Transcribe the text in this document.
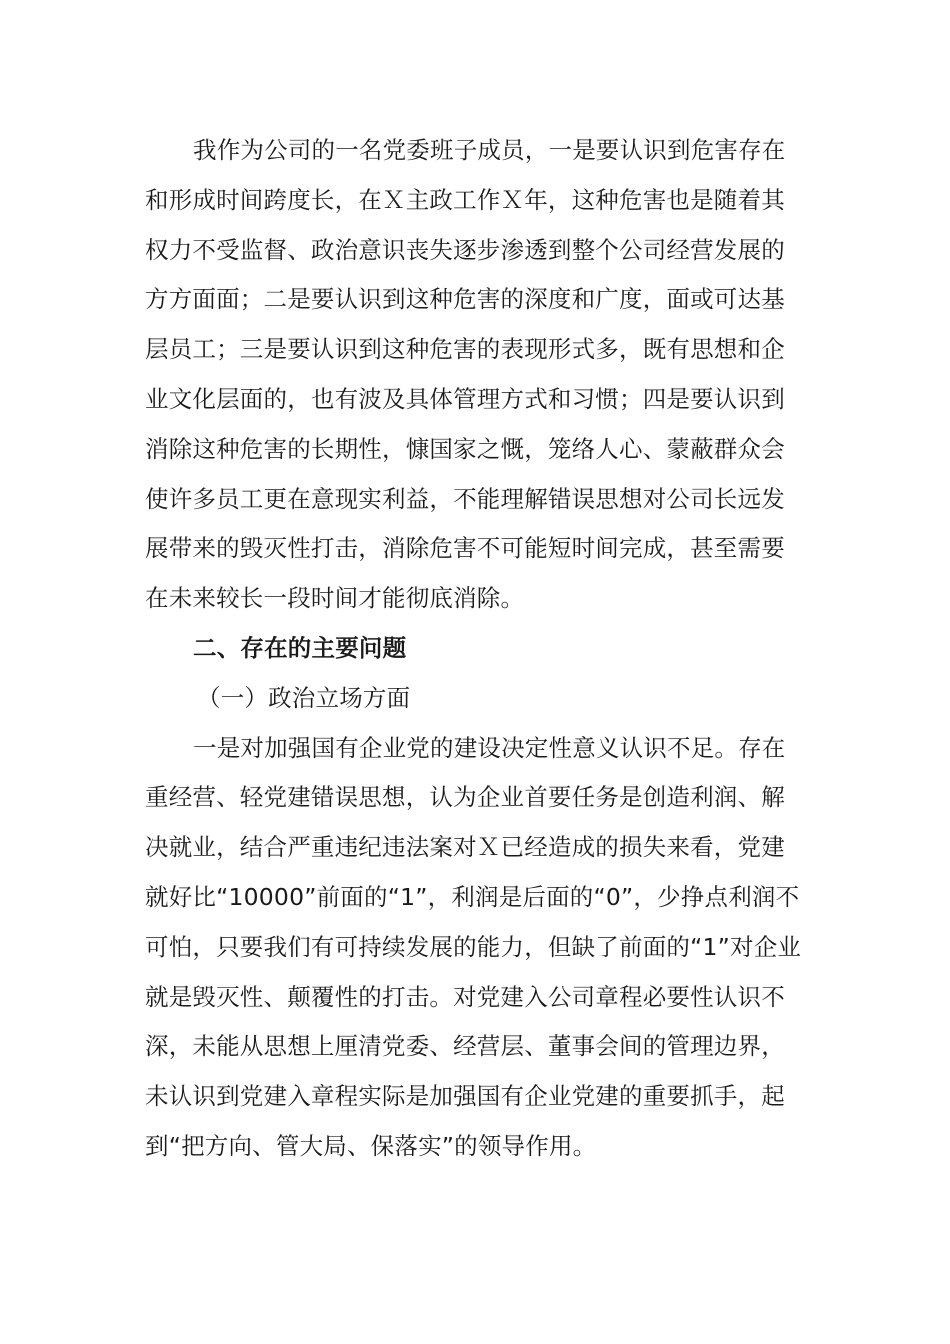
我作为公司的一名党委班子成员，一是要认识到危害存在
和形成时间跨度长，在Ｘ主政工作Ｘ年，这种危害也是随着其
权力不受监督、政治意识丧失逐步渗透到整个公司经营发展的
方方面面；二是要认识到这种危害的深度和广度，面或可达基
层员工；三是要认识到这种危害的表现形式多，既有思想和企
业文化层面的，也有波及具体管理方式和习惯；四是要认识到
消除这种危害的长期性，慷国家之慨，笼络人心、蒙蔽群众会
使许多员工更在意现实利益，不能理解错误思想对公司长远发
展带来的毁灭性打击，消除危害不可能短时间完成，甚至需要
在未来较长一段时间才能彻底消除。
二、存在的主要问题
（一）政治立场方面
一是对加强国有企业党的建设决定性意义认识不足。存在
重经营、轻党建错误思想，认为企业首要任务是创造利润、解
决就业，结合严重违纪违法案对Ｘ已经造成的损失来看，党建
就好比“10000”前面的“1”，利润是后面的“0”，少挣点利润不
可怕，只要我们有可持续发展的能力，但缺了前面的“1”对企业
就是毁灭性、颠覆性的打击。对党建入公司章程必要性认识不
深，未能从思想上厘清党委、经营层、董事会间的管理边界，
未认识到党建入章程实际是加强国有企业党建的重要抓手，起
到“把方向、管大局、保落实”的领导作用。
